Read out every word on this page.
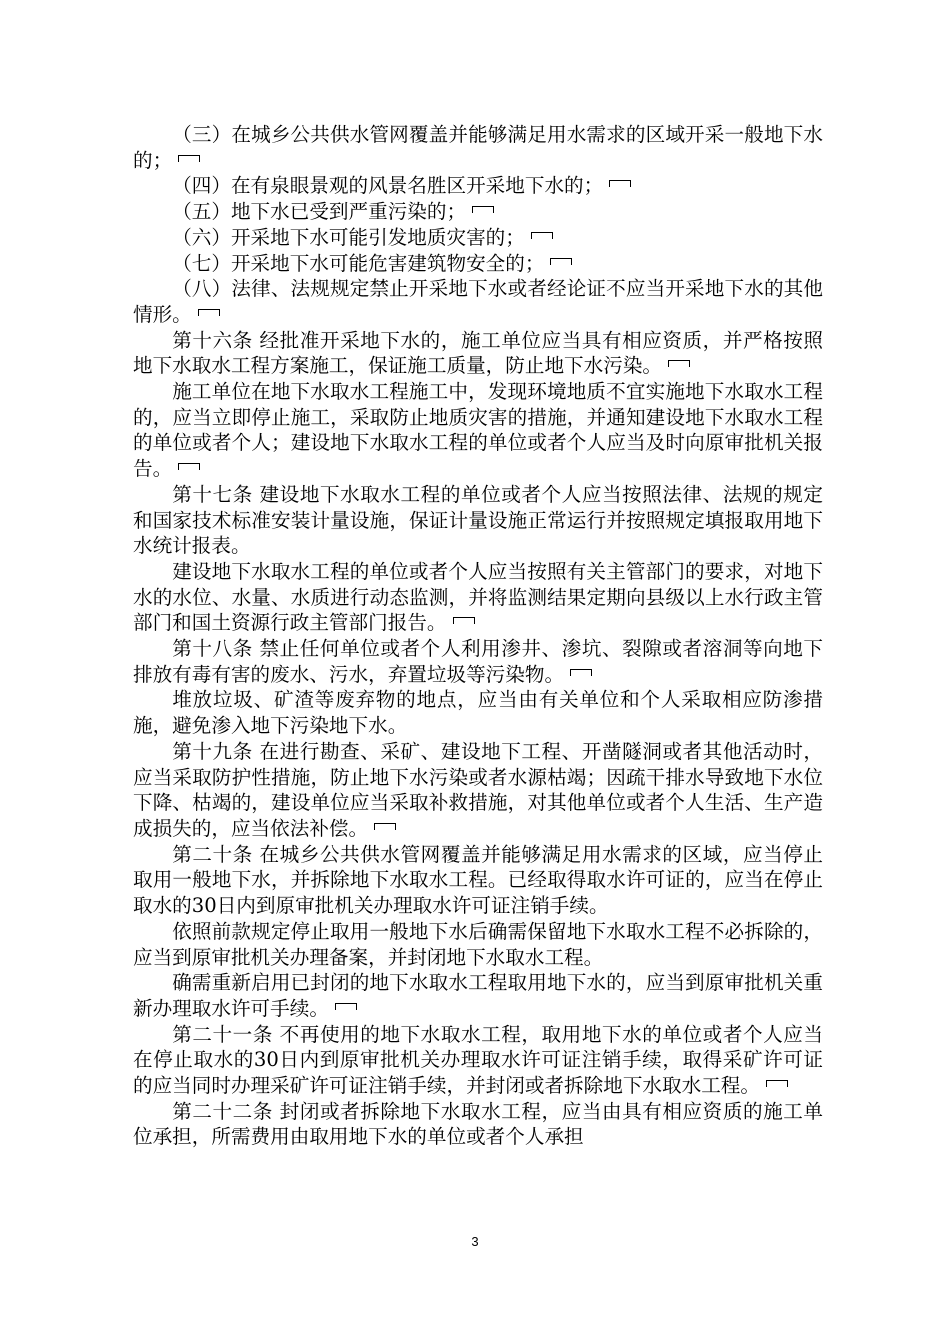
（三）在城乡公共供水管网覆盖并能够满足用水需求的区域开采一般地下水的；

（四）在有泉眼景观的风景名胜区开采地下水的；

（五）地下水已受到严重污染的；

（六）开采地下水可能引发地质灾害的；

（七）开采地下水可能危害建筑物安全的；

（八）法律、法规规定禁止开采地下水或者经论证不应当开采地下水的其他情形。

第十六条 经批准开采地下水的，施工单位应当具有相应资质，并严格按照地下水取水工程方案施工，保证施工质量，防止地下水污染。

施工单位在地下水取水工程施工中，发现环境地质不宜实施地下水取水工程的，应当立即停止施工，采取防止地质灾害的措施，并通知建设地下水取水工程的单位或者个人；建设地下水取水工程的单位或者个人应当及时向原审批机关报告。

第十七条 建设地下水取水工程的单位或者个人应当按照法律、法规的规定和国家技术标准安装计量设施，保证计量设施正常运行并按照规定填报取用地下水统计报表。

建设地下水取水工程的单位或者个人应当按照有关主管部门的要求，对地下水的水位、水量、水质进行动态监测，并将监测结果定期向县级以上水行政主管部门和国土资源行政主管部门报告。

第十八条 禁止任何单位或者个人利用渗井、渗坑、裂隙或者溶洞等向地下排放有毒有害的废水、污水，弃置垃圾等污染物。

堆放垃圾、矿渣等废弃物的地点，应当由有关单位和个人采取相应防渗措施，避免渗入地下污染地下水。

第十九条 在进行勘查、采矿、建设地下工程、开凿隧洞或者其他活动时，应当采取防护性措施，防止地下水污染或者水源枯竭；因疏干排水导致地下水位下降、枯竭的，建设单位应当采取补救措施，对其他单位或者个人生活、生产造成损失的，应当依法补偿。

第二十条 在城乡公共供水管网覆盖并能够满足用水需求的区域，应当停止取用一般地下水，并拆除地下水取水工程。已经取得取水许可证的，应当在停止取水的30日内到原审批机关办理取水许可证注销手续。

依照前款规定停止取用一般地下水后确需保留地下水取水工程不必拆除的，应当到原审批机关办理备案，并封闭地下水取水工程。

确需重新启用已封闭的地下水取水工程取用地下水的，应当到原审批机关重新办理取水许可手续。

第二十一条 不再使用的地下水取水工程，取用地下水的单位或者个人应当在停止取水的30日内到原审批机关办理取水许可证注销手续，取得采矿许可证的应当同时办理采矿许可证注销手续，并封闭或者拆除地下水取水工程。

第二十二条 封闭或者拆除地下水取水工程，应当由具有相应资质的施工单位承担，所需费用由取用地下水的单位或者个人承担

3
